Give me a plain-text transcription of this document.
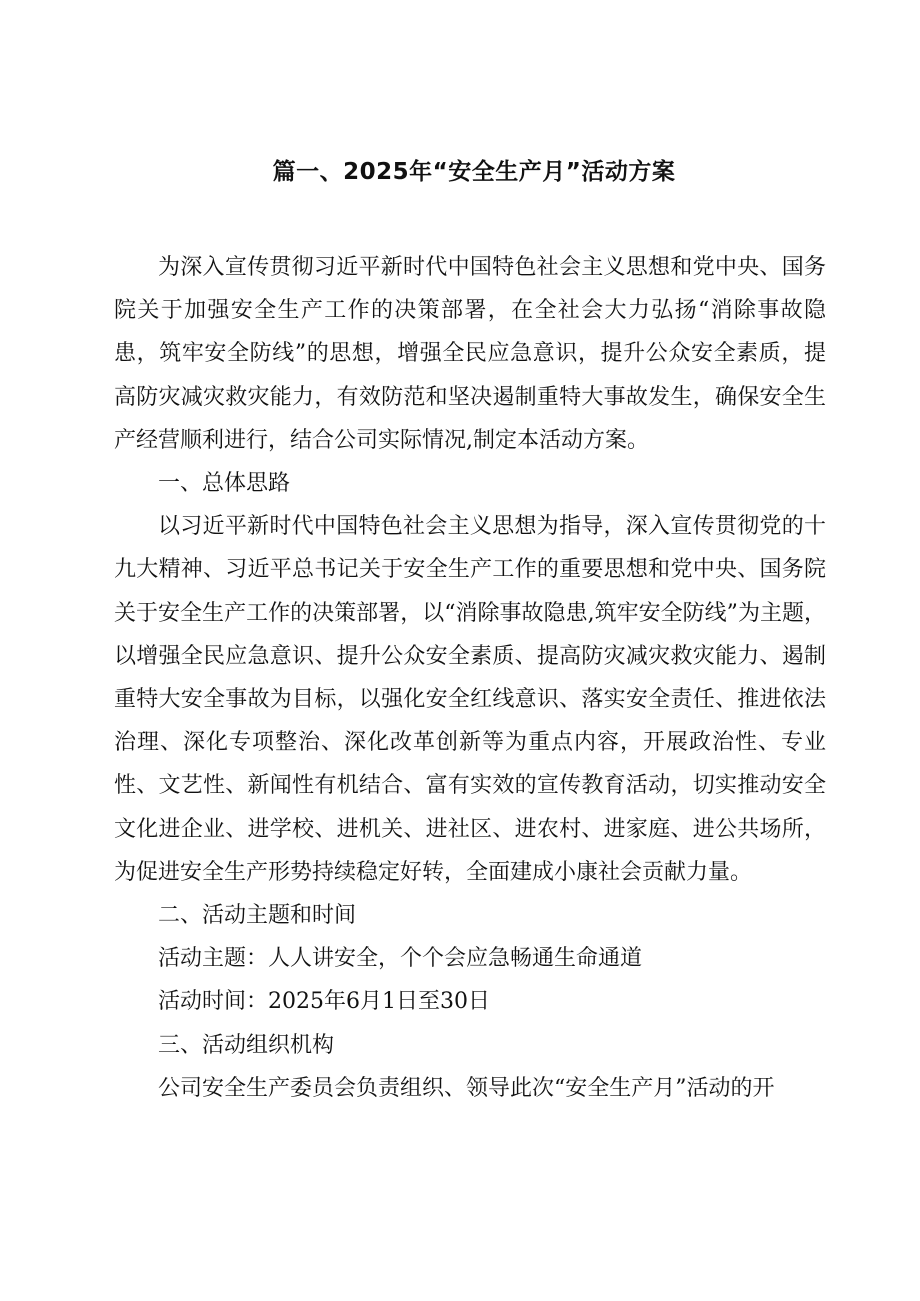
篇一、2025年“安全生产月”活动方案

为深入宣传贯彻习近平新时代中国特色社会主义思想和党中央、国务院关于加强安全生产工作的决策部署，在全社会大力弘扬“消除事故隐患，筑牢安全防线”的思想，增强全民应急意识，提升公众安全素质，提高防灾减灾救灾能力，有效防范和坚决遏制重特大事故发生，确保安全生产经营顺利进行，结合公司实际情况,制定本活动方案。

一、总体思路

以习近平新时代中国特色社会主义思想为指导，深入宣传贯彻党的十九大精神、习近平总书记关于安全生产工作的重要思想和党中央、国务院关于安全生产工作的决策部署，以“消除事故隐患,筑牢安全防线”为主题，以增强全民应急意识、提升公众安全素质、提高防灾减灾救灾能力、遏制重特大安全事故为目标，以强化安全红线意识、落实安全责任、推进依法治理、深化专项整治、深化改革创新等为重点内容，开展政治性、专业性、文艺性、新闻性有机结合、富有实效的宣传教育活动，切实推动安全文化进企业、进学校、进机关、进社区、进农村、进家庭、进公共场所，为促进安全生产形势持续稳定好转，全面建成小康社会贡献力量。

二、活动主题和时间
活动主题：人人讲安全，个个会应急畅通生命通道
活动时间：2025年6月1日至30日
三、活动组织机构

公司安全生产委员会负责组织、领导此次“安全生产月”活动的开
